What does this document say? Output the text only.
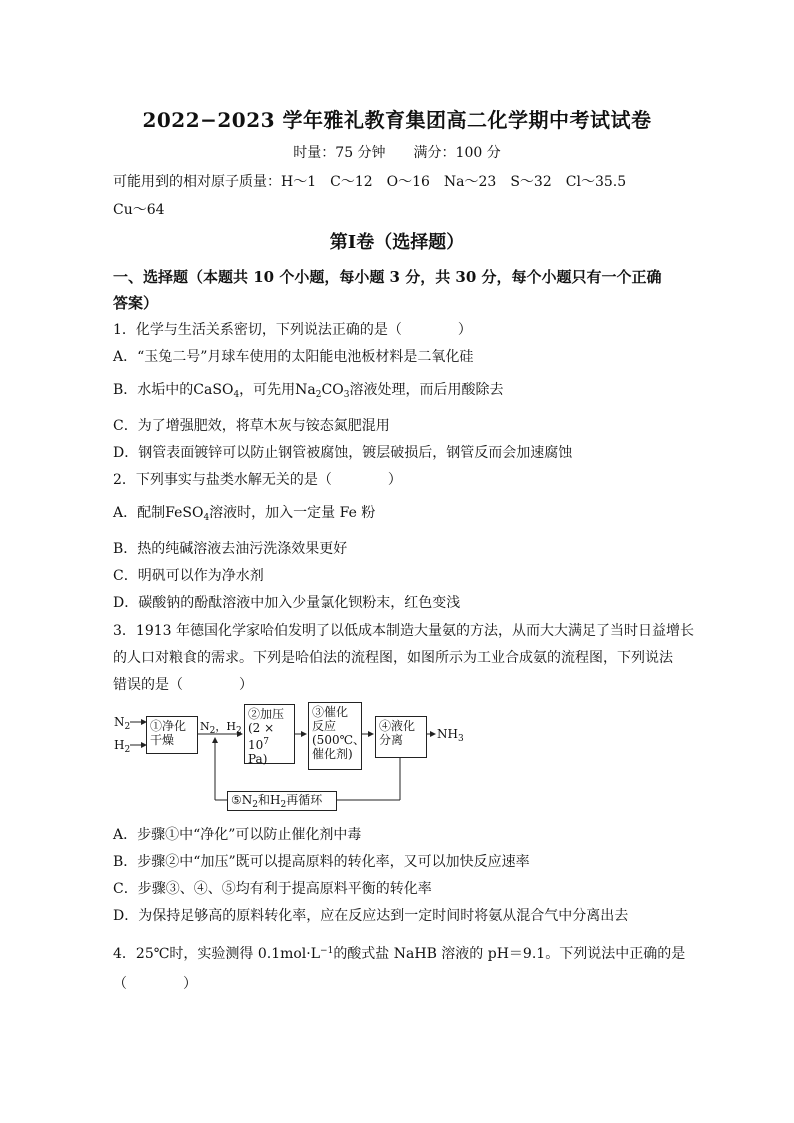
2022−2023 学年雅礼教育集团高二化学期中考试试卷
时量：75 分钟　　满分：100 分
可能用到的相对原子质量：H～1　C～12　O～16　Na～23　S～32　Cl～35.5
Cu～64
第Ⅰ卷（选择题）
一、选择题（本题共 10 个小题，每小题 3 分，共 30 分，每个小题只有一个正确
答案）
1．化学与生活关系密切，下列说法正确的是（　　　　）
A．“玉兔二号”月球车使用的太阳能电池板材料是二氧化硅
B．水垢中的CaSO$_4$，可先用$Na_2CO_3$溶液处理，而后用酸除去
C．为了增强肥效，将草木灰与铵态氮肥混用
D．钢管表面镀锌可以防止钢管被腐蚀，镀层破损后，钢管反而会加速腐蚀
2．下列事实与盐类水解无关的是（　　　　）
A．配制FeSO$_4$溶液时，加入一定量 Fe 粉
B．热的纯碱溶液去油污洗涤效果更好
C．明矾可以作为净水剂
D．碳酸钠的酚酞溶液中加入少量氯化钡粉末，红色变浅
3．1913 年德国化学家哈伯发明了以低成本制造大量氨的方法，从而大大满足了当时日益增长
的人口对粮食的需求。下列是哈伯法的流程图，如图所示为工业合成氨的流程图，下列说法
错误的是（　　　　）
$N_2$
$H_2$
①净化
干燥
$N_2$，$H_2$
②加压
($2 \times 10^7$
Pa)
③催化
反应
(500℃、
催化剂)
④液化
分离	$NH_3$
$⑤N_2$和$H_2$再循环
A．步骤①中“净化”可以防止催化剂中毒
B．步骤②中“加压”既可以提高原料的转化率，又可以加快反应速率
C．步骤③、④、⑤均有利于提高原料平衡的转化率
D．为保持足够高的原料转化率，应在反应达到一定时间时将氨从混合气中分离出去
4．25℃时，实验测得 $0.1mol\cdot L^{-1}$的酸式盐 NaHB 溶液的 pH＝9.1。下列说法中正确的是
（　　　　）
